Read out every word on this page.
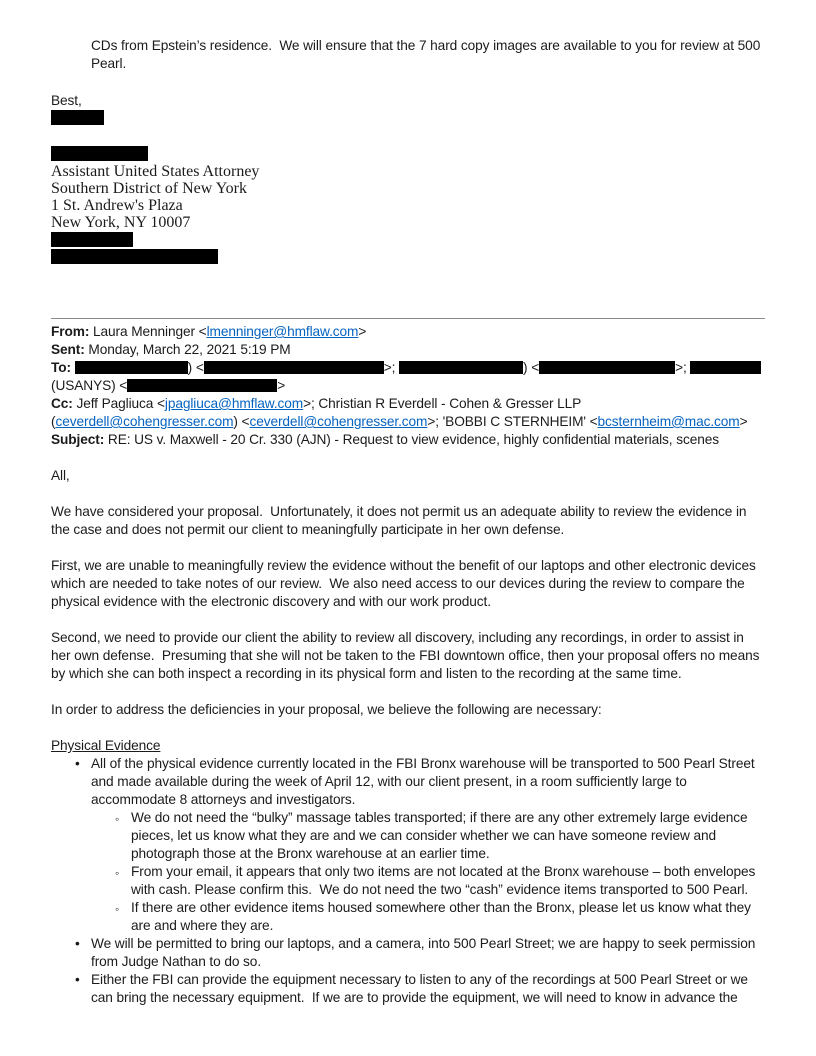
CDs from Epstein’s residence.  We will ensure that the 7 hard copy images are available to you for review at 500 Pearl.

Best,

Assistant United States Attorney

Southern District of New York

1 St. Andrew's Plaza

New York, NY 10007

From: Laura Menninger <lmenninger@hmflaw.com>

Sent: Monday, March 22, 2021 5:19 PM

To:	) <	>;	) <	>;
(USANYS) <	>

Cc: Jeff Pagliuca <jpagliuca@hmflaw.com>; Christian R Everdell - Cohen & Gresser LLP (ceverdell@cohengresser.com) <ceverdell@cohengresser.com>; 'BOBBI C STERNHEIM' <bcsternheim@mac.com>

Subject: RE: US v. Maxwell - 20 Cr. 330 (AJN) - Request to view evidence, highly confidential materials, scenes

All,

We have considered your proposal.  Unfortunately, it does not permit us an adequate ability to review the evidence in the case and does not permit our client to meaningfully participate in her own defense.

First, we are unable to meaningfully review the evidence without the benefit of our laptops and other electronic devices which are needed to take notes of our review.  We also need access to our devices during the review to compare the physical evidence with the electronic discovery and with our work product.

Second, we need to provide our client the ability to review all discovery, including any recordings, in order to assist in her own defense.  Presuming that she will not be taken to the FBI downtown office, then your proposal offers no means by which she can both inspect a recording in its physical form and listen to the recording at the same time.

In order to address the deficiencies in your proposal, we believe the following are necessary:

Physical Evidence

• All of the physical evidence currently located in the FBI Bronx warehouse will be transported to 500 Pearl Street and made available during the week of April 12, with our client present, in a room sufficiently large to accommodate 8 attorneys and investigators.

◦ We do not need the “bulky” massage tables transported; if there are any other extremely large evidence pieces, let us know what they are and we can consider whether we can have someone review and photograph those at the Bronx warehouse at an earlier time.

◦ From your email, it appears that only two items are not located at the Bronx warehouse – both envelopes with cash. Please confirm this.  We do not need the two “cash” evidence items transported to 500 Pearl.

◦ If there are other evidence items housed somewhere other than the Bronx, please let us know what they are and where they are.

• We will be permitted to bring our laptops, and a camera, into 500 Pearl Street; we are happy to seek permission from Judge Nathan to do so.

• Either the FBI can provide the equipment necessary to listen to any of the recordings at 500 Pearl Street or we can bring the necessary equipment.  If we are to provide the equipment, we will need to know in advance the
